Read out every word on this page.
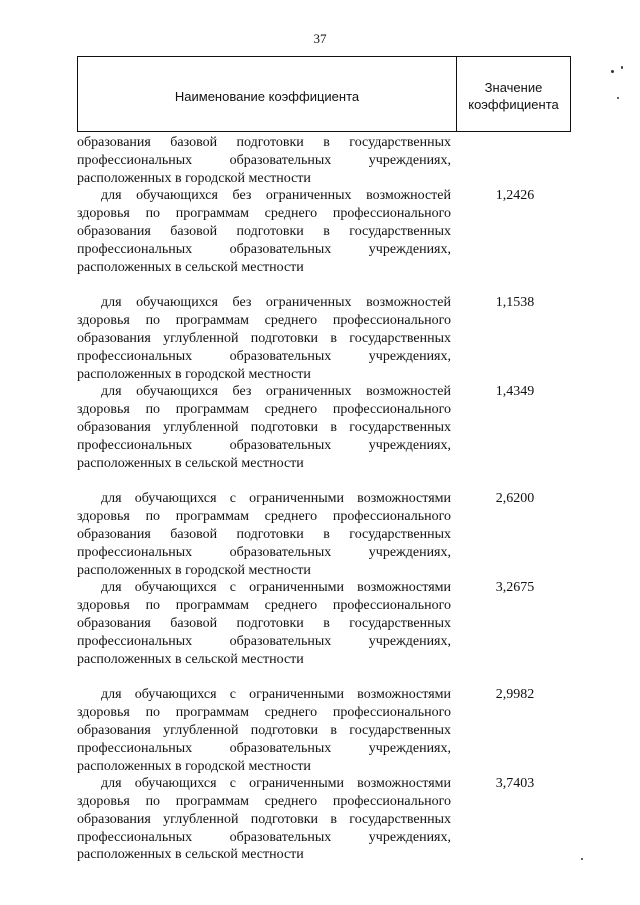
37
Наименование коэффициента
Значение
коэффициента
образования базовой подготовки в государственных профессиональных образовательных учреждениях, расположенных в городской местности
для обучающихся без ограниченных возможностей здоровья по программам среднего профессионального образования базовой подготовки в государственных профессиональных образовательных учреждениях, расположенных в сельской местности
1,2426
для обучающихся без ограниченных возможностей здоровья по программам среднего профессионального образования углубленной подготовки в государственных профессиональных образовательных учреждениях, расположенных в городской местности
1,1538
для обучающихся без ограниченных возможностей здоровья по программам среднего профессионального образования углубленной подготовки в государственных профессиональных образовательных учреждениях, расположенных в сельской местности
1,4349
для обучающихся с ограниченными возможностями здоровья по программам среднего профессионального образования базовой подготовки в государственных профессиональных образовательных учреждениях, расположенных в городской местности
2,6200
для обучающихся с ограниченными возможностями здоровья по программам среднего профессионального образования базовой подготовки в государственных профессиональных образовательных учреждениях, расположенных в сельской местности
3,2675
для обучающихся с ограниченными возможностями здоровья по программам среднего профессионального образования углубленной подготовки в государственных профессиональных образовательных учреждениях, расположенных в городской местности
2,9982
для обучающихся с ограниченными возможностями здоровья по программам среднего профессионального образования углубленной подготовки в государственных профессиональных образовательных учреждениях, расположенных в сельской местности
3,7403
